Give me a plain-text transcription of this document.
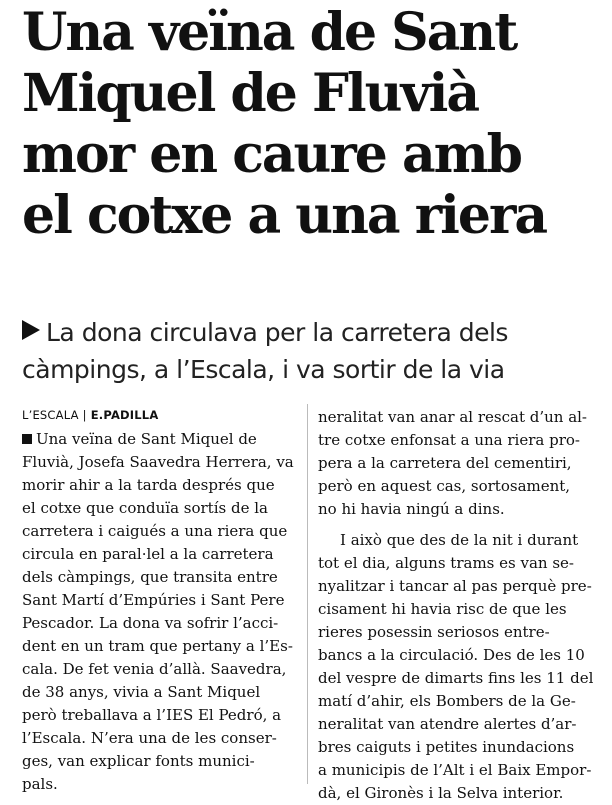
Una veïna de Sant
Miquel de Fluvià
mor en caure amb
el cotxe a una riera
La dona circulava per la carretera dels
càmpings, a l’Escala, i va sortir de la via
L’ESCALA | E.PADILLA
Una veïna de Sant Miquel de
Fluvià, Josefa Saavedra Herrera, va
morir ahir a la tarda després que
el cotxe que conduïa sortís de la
carretera i caigués a una riera que
circula en paral·lel a la carretera
dels càmpings, que transita entre
Sant Martí d’Empúries i Sant Pere
Pescador. La dona va sofrir l’acci-
dent en un tram que pertany a l’Es-
cala. De fet venia d’allà. Saavedra,
de 38 anys, vivia a Sant Miquel
però treballava a l’IES El Pedró, a
l’Escala. N’era una de les conser-
ges, van explicar fonts munici-
pals.
neralitat van anar al rescat d’un al-
tre cotxe enfonsat a una riera pro-
pera a la carretera del cementiri,
però en aquest cas, sortosament,
no hi havia ningú a dins.
I això que des de la nit i durant
tot el dia, alguns trams es van se-
nyalitzar i tancar al pas perquè pre-
cisament hi havia risc de que les
rieres posessin seriosos entre-
bancs a la circulació. Des de les 10
del vespre de dimarts fins les 11 del
matí d’ahir, els Bombers de la Ge-
neralitat van atendre alertes d’ar-
bres caiguts i petites inundacions
a municipis de l’Alt i el Baix Empor-
dà, el Gironès i la Selva interior.
